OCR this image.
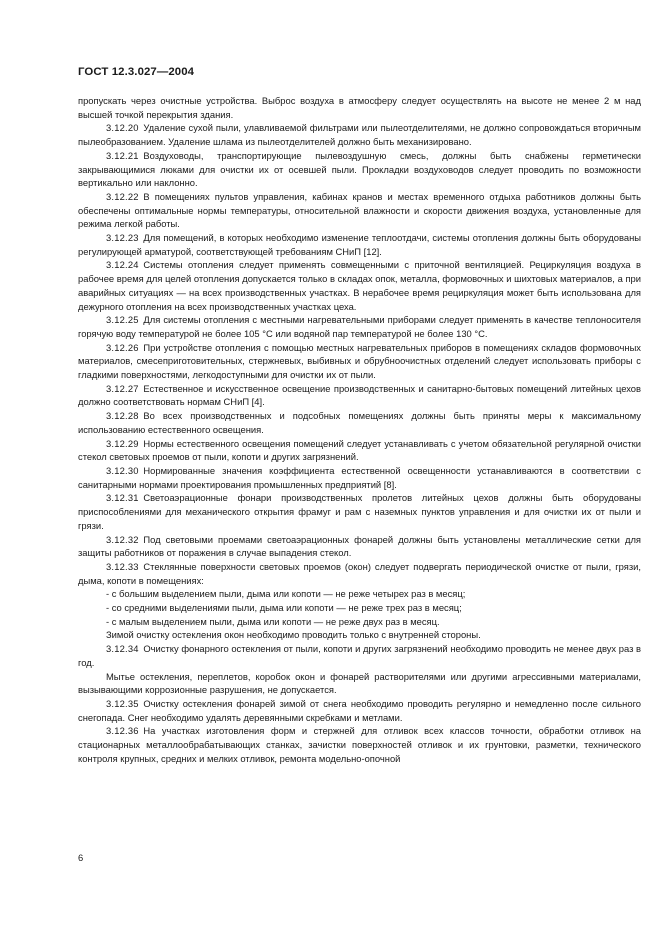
ГОСТ 12.3.027—2004

пропускать через очистные устройства. Выброс воздуха в атмосферу следует осуществлять на высоте не менее 2 м над высшей точкой перекрытия здания.

3.12.20  Удаление сухой пыли, улавливаемой фильтрами или пылеотделителями, не должно сопровождаться вторичным пылеобразованием. Удаление шлама из пылеотделителей должно быть механизировано.

3.12.21  Воздуховоды, транспортирующие пылевоздушную смесь, должны быть снабжены герметически закрывающимися люками для очистки их от осевшей пыли. Прокладки воздуховодов следует проводить по возможности вертикально или наклонно.

3.12.22  В помещениях пультов управления, кабинах кранов и местах временного отдыха работников должны быть обеспечены оптимальные нормы температуры, относительной влажности и скорости движения воздуха, установленные для режима легкой работы.

3.12.23  Для помещений, в которых необходимо изменение теплоотдачи, системы отопления должны быть оборудованы регулирующей арматурой, соответствующей требованиям СНиП [12].

3.12.24  Системы отопления следует применять совмещенными с приточной вентиляцией. Рециркуляция воздуха в рабочее время для целей отопления допускается только в складах опок, металла, формовочных и шихтовых материалов, а при аварийных ситуациях — на всех производственных участках. В нерабочее время рециркуляция может быть использована для дежурного отопления на всех производственных участках цеха.

3.12.25  Для системы отопления с местными нагревательными приборами следует применять в качестве теплоносителя горячую воду температурой не более 105 °С или водяной пар температурой не более 130 °С.

3.12.26  При устройстве отопления с помощью местных нагревательных приборов в помещениях складов формовочных материалов, смесеприготовительных, стержневых, выбивных и обрубноочистных отделений следует использовать приборы с гладкими поверхностями, легкодоступными для очистки их от пыли.

3.12.27  Естественное и искусственное освещение производственных и санитарно-бытовых помещений литейных цехов должно соответствовать нормам СНиП [4].

3.12.28  Во всех производственных и подсобных помещениях должны быть приняты меры к максимальному использованию естественного освещения.

3.12.29  Нормы естественного освещения помещений следует устанавливать с учетом обязательной регулярной очистки стекол световых проемов от пыли, копоти и других загрязнений.

3.12.30  Нормированные значения коэффициента естественной освещенности устанавливаются в соответствии с санитарными нормами проектирования промышленных предприятий [8].

3.12.31  Светоаэрационные фонари производственных пролетов литейных цехов должны быть оборудованы приспособлениями для механического открытия фрамуг и рам с наземных пунктов управления и для очистки их от пыли и грязи.

3.12.32  Под световыми проемами светоаэрационных фонарей должны быть установлены металлические сетки для защиты работников от поражения в случае выпадения стекол.

3.12.33  Стеклянные поверхности световых проемов (окон) следует подвергать периодической очистке от пыли, грязи, дыма, копоти в помещениях:

- с большим выделением пыли, дыма или копоти — не реже четырех раз в месяц;

- со средними выделениями пыли, дыма или копоти — не реже трех раз в месяц;

- с малым выделением пыли, дыма или копоти — не реже двух раз в месяц.

Зимой очистку остекления окон необходимо проводить только с внутренней стороны.

3.12.34  Очистку фонарного остекления от пыли, копоти и других загрязнений необходимо проводить не менее двух раз в год.

Мытье остекления, переплетов, коробок окон и фонарей растворителями или другими агрессивными материалами, вызывающими коррозионные разрушения, не допускается.

3.12.35  Очистку остекления фонарей зимой от снега необходимо проводить регулярно и немедленно после сильного снегопада. Снег необходимо удалять деревянными скребками и метлами.

3.12.36  На участках изготовления форм и стержней для отливок всех классов точности, обработки отливок на стационарных металлообрабатывающих станках, зачистки поверхностей отливок и их грунтовки, разметки, технического контроля крупных, средних и мелких отливок, ремонта модельно-опочной

6
